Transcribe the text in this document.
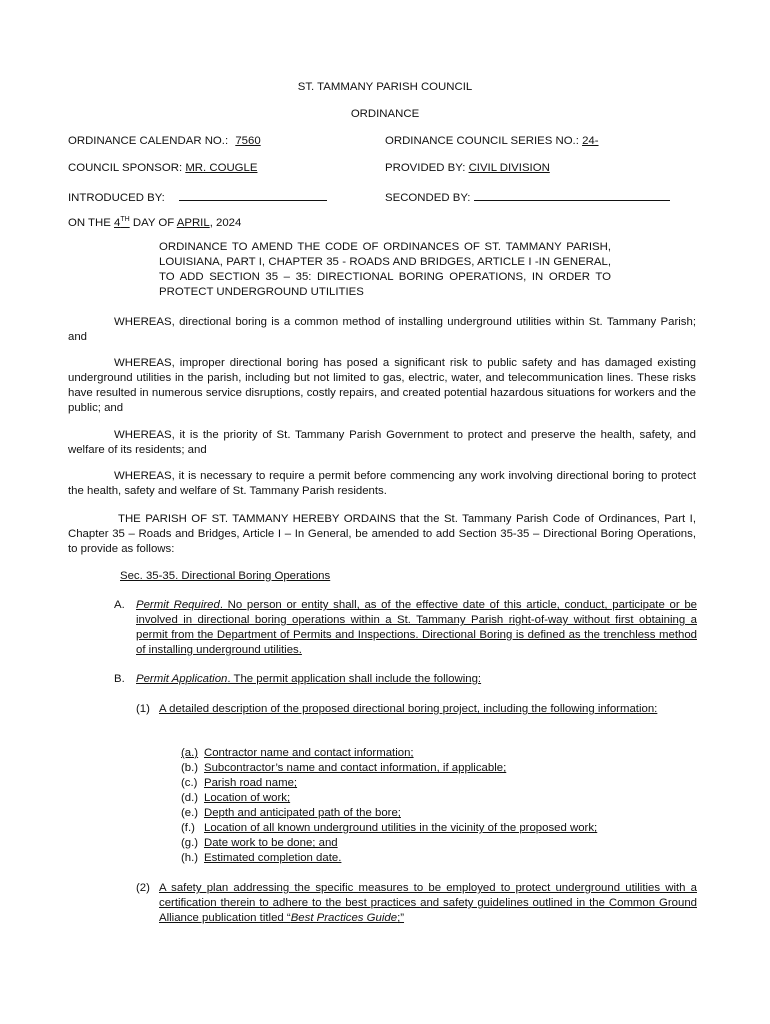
ST. TAMMANY PARISH COUNCIL
ORDINANCE
ORDINANCE CALENDAR NO.: 7560	ORDINANCE COUNCIL SERIES NO.: 24-
COUNCIL SPONSOR: MR. COUGLE	PROVIDED BY: CIVIL DIVISION
INTRODUCED BY:	SECONDED BY:
ON THE 4TH DAY OF APRIL, 2024
ORDINANCE TO AMEND THE CODE OF ORDINANCES OF ST. TAMMANY PARISH, LOUISIANA, PART I, CHAPTER 35 - ROADS AND BRIDGES, ARTICLE I -IN GENERAL, TO ADD SECTION 35 – 35: DIRECTIONAL BORING OPERATIONS, IN ORDER TO PROTECT UNDERGROUND UTILITIES
WHEREAS, directional boring is a common method of installing underground utilities within St. Tammany Parish; and
WHEREAS, improper directional boring has posed a significant risk to public safety and has damaged existing underground utilities in the parish, including but not limited to gas, electric, water, and telecommunication lines. These risks have resulted in numerous service disruptions, costly repairs, and created potential hazardous situations for workers and the public; and
WHEREAS, it is the priority of St. Tammany Parish Government to protect and preserve the health, safety, and welfare of its residents; and
WHEREAS, it is necessary to require a permit before commencing any work involving directional boring to protect the health, safety and welfare of St. Tammany Parish residents.
THE PARISH OF ST. TAMMANY HEREBY ORDAINS that the St. Tammany Parish Code of Ordinances, Part I, Chapter 35 – Roads and Bridges, Article I – In General, be amended to add Section 35-35 – Directional Boring Operations, to provide as follows:
Sec. 35-35. Directional Boring Operations
A. Permit Required. No person or entity shall, as of the effective date of this article, conduct, participate or be involved in directional boring operations within a St. Tammany Parish right-of-way without first obtaining a permit from the Department of Permits and Inspections. Directional Boring is defined as the trenchless method of installing underground utilities.
B. Permit Application. The permit application shall include the following:
(1) A detailed description of the proposed directional boring project, including the following information:
(a.) Contractor name and contact information;
(b.) Subcontractor’s name and contact information, if applicable;
(c.) Parish road name;
(d.) Location of work;
(e.) Depth and anticipated path of the bore;
(f.) Location of all known underground utilities in the vicinity of the proposed work;
(g.) Date work to be done; and
(h.) Estimated completion date.
(2) A safety plan addressing the specific measures to be employed to protect underground utilities with a certification therein to adhere to the best practices and safety guidelines outlined in the Common Ground Alliance publication titled “Best Practices Guide;”
